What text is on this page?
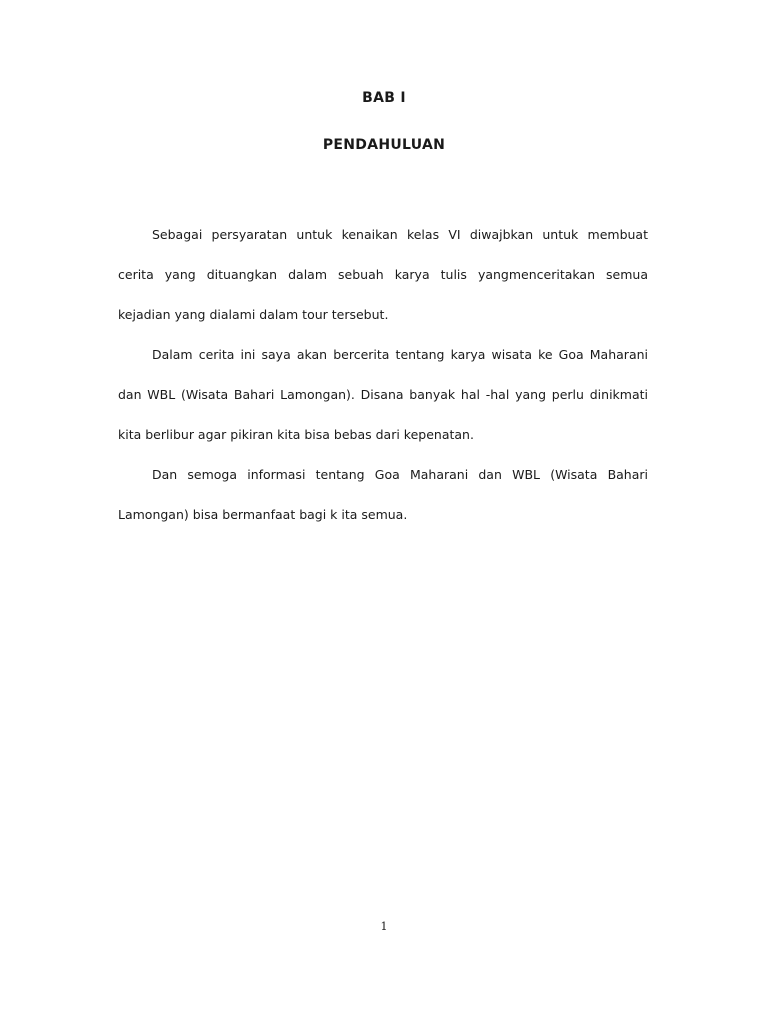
BAB I
PENDAHULUAN
Sebagai persyaratan untuk kenaikan kelas VI diwajbkan untuk membuat
cerita yang dituangkan dalam sebuah karya tulis yangmenceritakan semua
kejadian yang dialami dalam tour tersebut.
Dalam cerita ini saya akan bercerita tentang karya wisata ke Goa Maharani
dan WBL (Wisata Bahari Lamongan). Disana banyak hal -hal yang perlu dinikmati
kita berlibur agar pikiran kita bisa bebas dari kepenatan.
Dan semoga informasi tentang Goa Maharani dan WBL (Wisata Bahari
Lamongan) bisa bermanfaat bagi k ita semua.
1
